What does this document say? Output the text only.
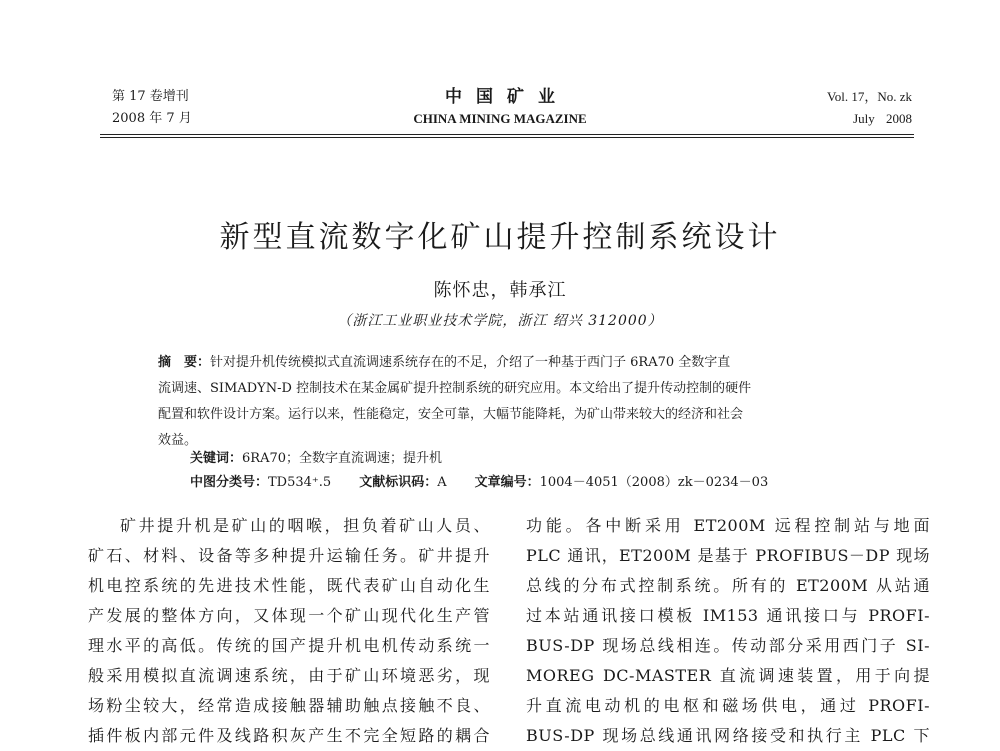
第 17 卷增刊
2008 年 7 月
中国矿业
CHINA MINING MAGAZINE
Vol. 17，No. zk
July 2008
新型直流数字化矿山提升控制系统设计
陈怀忠，韩承江
（浙江工业职业技术学院，浙江 绍兴 312000）
摘　要：针对提升机传统模拟式直流调速系统存在的不足，介绍了一种基于西门子 6RA70 全数字直
流调速、SIMADYN-D 控制技术在某金属矿提升控制系统的研究应用。本文给出了提升传动控制的硬件
配置和软件设计方案。运行以来，性能稳定，安全可靠，大幅节能降耗，为矿山带来较大的经济和社会
效益。
关键词：6RA70；全数字直流调速；提升机
中图分类号：TD534⁺.5 文献标识码：A 文章编号：1004－4051（2008）zk－0234－03
矿井提升机是矿山的咽喉，担负着矿山人员、
矿石、材料、设备等多种提升运输任务。矿井提升
机电控系统的先进技术性能，既代表矿山自动化生
产发展的整体方向，又体现一个矿山现代化生产管
理水平的高低。传统的国产提升机电机传动系统一
般采用模拟直流调速系统，由于矿山环境恶劣，现
场粉尘较大，经常造成接触器辅助触点接触不良、
插件板内部元件及线路积灰产生不完全短路的耦合
功能。各中断采用 ET200M 远程控制站与地面
PLC 通讯，ET200M 是基于 PROFIBUS－DP 现场
总线的分布式控制系统。所有的 ET200M 从站通
过本站通讯接口模板 IM153 通讯接口与 PROFI-
BUS-DP 现场总线相连。传动部分采用西门子 SI-
MOREG DC-MASTER 直流调速装置，用于向提
升直流电动机的电枢和磁场供电，通过 PROFI-
BUS-DP 现场总线通讯网络接受和执行主 PLC 下
